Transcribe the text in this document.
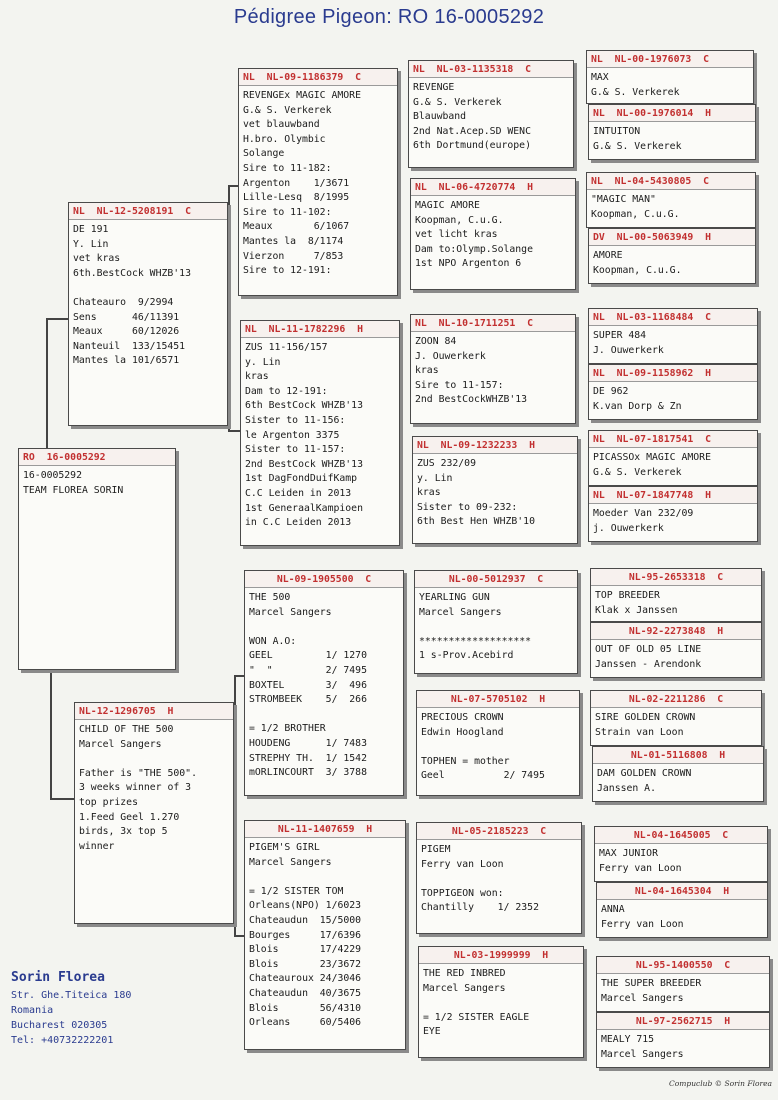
Pédigree Pigeon: RO 16-0005292
RO  16-0005292
16-0005292
TEAM FLOREA SORIN
NL  NL-12-5208191  C
DE 191
Y. Lin
vet kras
6th.BestCock WHZB'13
Chateauro  9/2994
Sens      46/11391
Meaux     60/12026
Nanteuil  133/15451
Mantes la 101/6571
NL-12-1296705  H
CHILD OF THE 500
Marcel Sangers
Father is "THE 500".
3 weeks winner of 3
top prizes
1.Feed Geel 1.270
birds, 3x top 5
winner
NL  NL-09-1186379  C
REVENGEx MAGIC AMORE
G.& S. Verkerek
vet blauwband
H.bro. Olymbic
Solange
Sire to 11-182:
Argenton    1/3671
Lille-Lesq  8/1995
Sire to 11-102:
Meaux       6/1067
Mantes la  8/1174
Vierzon     7/853
Sire to 12-191:
NL  NL-11-1782296  H
ZUS 11-156/157
y. Lin
kras
Dam to 12-191:
6th BestCock WHZB'13
Sister to 11-156:
le Argenton 3375
Sister to 11-157:
2nd BestCock WHZB'13
1st DagFondDuifKamp
C.C Leiden in 2013
1st GeneraalKampioen
in C.C Leiden 2013
NL-09-1905500  C
THE 500
Marcel Sangers
WON A.O:
GEEL         1/ 1270
"  "         2/ 7495
BOXTEL       3/  496
STROMBEEK    5/  266
= 1/2 BROTHER
HOUDENG      1/ 7483
STREPHY TH.  1/ 1542
mORLINCOURT  3/ 3788
NL-11-1407659  H
PIGEM'S GIRL
Marcel Sangers
= 1/2 SISTER TOM
Orleans(NPO) 1/6023
Chateaudun  15/5000
Bourges     17/6396
Blois       17/4229
Blois       23/3672
Chateauroux 24/3046
Chateaudun  40/3675
Blois       56/4310
Orleans     60/5406
NL  NL-03-1135318  C
REVENGE
G.& S. Verkerek
Blauwband
2nd Nat.Acep.SD WENC
6th Dortmund(europe)
NL  NL-06-4720774  H
MAGIC AMORE
Koopman, C.u.G.
vet licht kras
Dam to:Olymp.Solange
1st NPO Argenton 6
NL  NL-10-1711251  C
ZOON 84
J. Ouwerkerk
kras
Sire to 11-157:
2nd BestCockWHZB'13
NL  NL-09-1232233  H
ZUS 232/09
y. Lin
kras
Sister to 09-232:
6th Best Hen WHZB'10
NL-00-5012937  C
YEARLING GUN
Marcel Sangers
*******************
1 s-Prov.Acebird
NL-07-5705102  H
PRECIOUS CROWN
Edwin Hoogland
TOPHEN = mother
Geel          2/ 7495
NL-05-2185223  C
PIGEM
Ferry van Loon
TOPPIGEON won:
Chantilly    1/ 2352
NL-03-1999999  H
THE RED INBRED
Marcel Sangers
= 1/2 SISTER EAGLE
EYE
NL  NL-00-1976073  C
MAX
G.& S. Verkerek
NL  NL-00-1976014  H
INTUITON
G.& S. Verkerek
NL  NL-04-5430805  C
"MAGIC MAN"
Koopman, C.u.G.
DV  NL-00-5063949  H
AMORE
Koopman, C.u.G.
NL  NL-03-1168484  C
SUPER 484
J. Ouwerkerk
NL  NL-09-1158962  H
DE 962
K.van Dorp & Zn
NL  NL-07-1817541  C
PICASSOx MAGIC AMORE
G.& S. Verkerek
NL  NL-07-1847748  H
Moeder Van 232/09
j. Ouwerkerk
NL-95-2653318  C
TOP BREEDER
Klak x Janssen
NL-92-2273848  H
OUT OF OLD 05 LINE
Janssen - Arendonk
NL-02-2211286  C
SIRE GOLDEN CROWN
Strain van Loon
NL-01-5116808  H
DAM GOLDEN CROWN
Janssen A.
NL-04-1645005  C
MAX JUNIOR
Ferry van Loon
NL-04-1645304  H
ANNA
Ferry van Loon
NL-95-1400550  C
THE SUPER BREEDER
Marcel Sangers
NL-97-2562715  H
MEALY 715
Marcel Sangers
Sorin Florea
Str. Ghe.Titeica 180
Romania
Bucharest 020305
Tel: +40732222201
Compuclub © Sorin Florea
